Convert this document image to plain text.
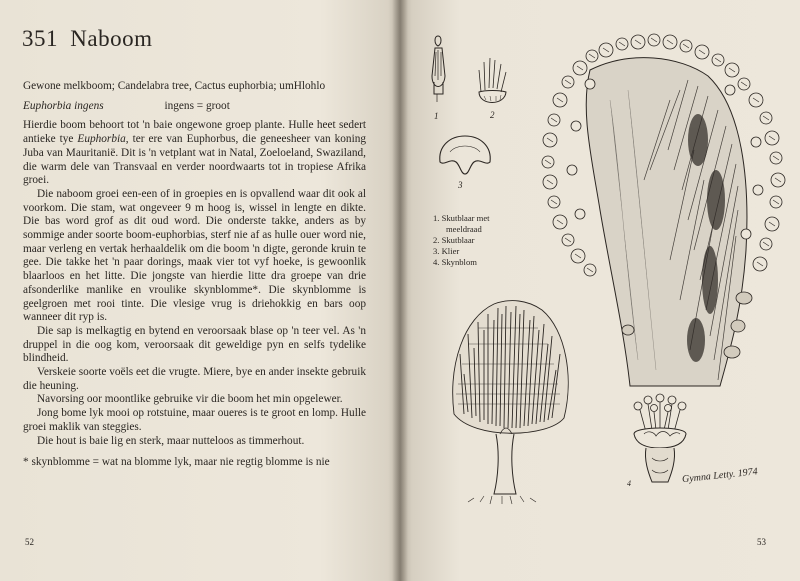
351 Naboom

Gewone melkboom; Candelabra tree, Cactus euphorbia; umHlohlo

Euphorbia ingens	ingens = groot

Hierdie boom behoort tot 'n baie ongewone groep plante. Hulle heet sedert antieke tye Euphorbia, ter ere van Euphorbus, die geneesheer van koning Juba van Mauritanië. Dit is 'n vetplant wat in Natal, Zoeloeland, Swaziland, die warm dele van Transvaal en verder noordwaarts tot in tropiese Afrika groei.

Die naboom groei een-een of in groepies en is opvallend waar dit ook al voorkom. Die stam, wat ongeveer 9 m hoog is, wissel in lengte en dikte. Die bas word grof as dit oud word. Die onderste takke, anders as by sommige ander soorte boom-euphorbias, sterf nie af as hulle ouer word nie, maar verleng en vertak herhaaldelik om die boom 'n digte, geronde kruin te gee. Die takke het 'n paar dorings, maak vier tot vyf hoeke, is gewoonlik blaarloos en het litte. Die jongste van hierdie litte dra groepe van drie afsonderlike manlike en vroulike skynblomme*. Die skynblomme is geelgroen met rooi tinte. Die vlesige vrug is driehokkig en bars oop wanneer dit ryp is.

Die sap is melkagtig en bytend en veroorsaak blase op 'n teer vel. As 'n druppel in die oog kom, veroorsaak dit geweldige pyn en selfs tydelike blindheid.

Verskeie soorte voëls eet die vrugte. Miere, bye en ander insekte gebruik die heuning.

Navorsing oor moontlike gebruike vir die boom het min opgelewer.

Jong bome lyk mooi op rotstuine, maar oueres is te groot en lomp. Hulle groei maklik van steggies.

Die hout is baie lig en sterk, maar nutteloos as timmerhout.

* skynblomme = wat na blomme lyk, maar nie regtig blomme is nie

52
1	2
3
1. Skutblaar met
meeldraad
2. Skutblaar
3. Klier
4. Skynblom
4	Gymna Letty. 1974
53
